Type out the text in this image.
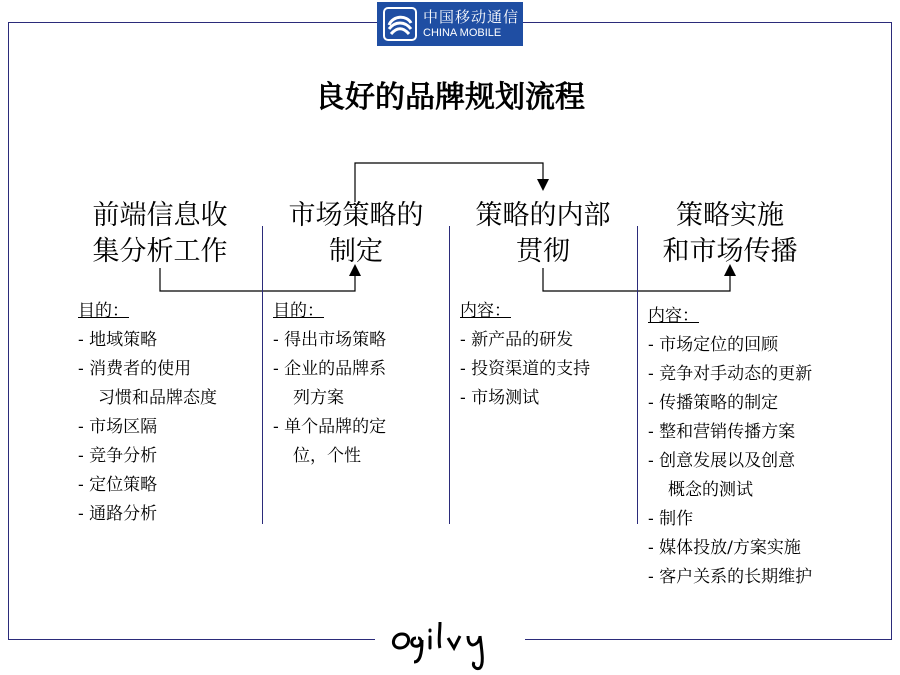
中国移动通信
CHINA MOBILE
良好的品牌规划流程
前端信息收
集分析工作
市场策略的
制定
策略的内部
贯彻
策略实施
和市场传播
目的：
- 地域策略
- 消费者的使用
习惯和品牌态度
- 市场区隔
- 竞争分析
- 定位策略
- 通路分析
目的：
- 得出市场策略
- 企业的品牌系
列方案
- 单个品牌的定
位，个性
内容：
- 新产品的研发
- 投资渠道的支持
- 市场测试
内容：
- 市场定位的回顾
- 竞争对手动态的更新
- 传播策略的制定
- 整和营销传播方案
- 创意发展以及创意
概念的测试
- 制作
- 媒体投放/方案实施
- 客户关系的长期维护
